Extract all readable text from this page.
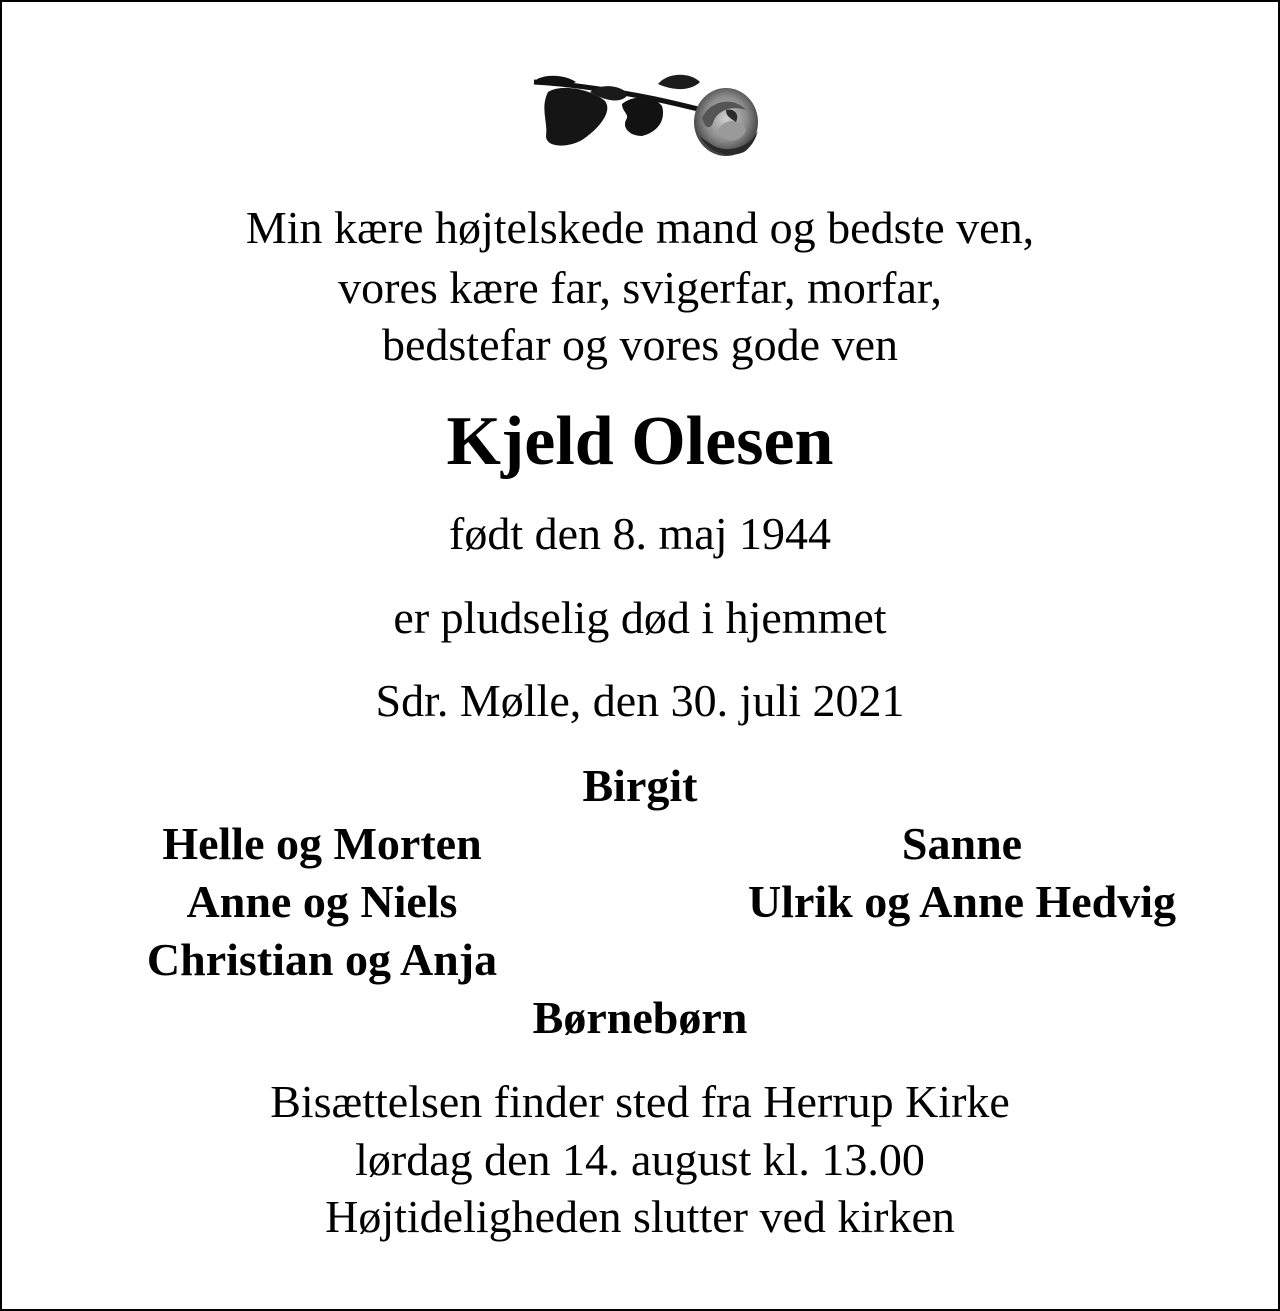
Min kære højtelskede mand og bedste ven,
vores kære far, svigerfar, morfar,
bedstefar og vores gode ven
Kjeld Olesen
født den 8. maj 1944
er pludselig død i hjemmet
Sdr. Mølle, den 30. juli 2021
Birgit
Helle og Morten
Anne og Niels
Christian og Anja
Sanne
Ulrik og Anne Hedvig
Børnebørn
Bisættelsen finder sted fra Herrup Kirke
lørdag den 14. august kl. 13.00
Højtideligheden slutter ved kirken
